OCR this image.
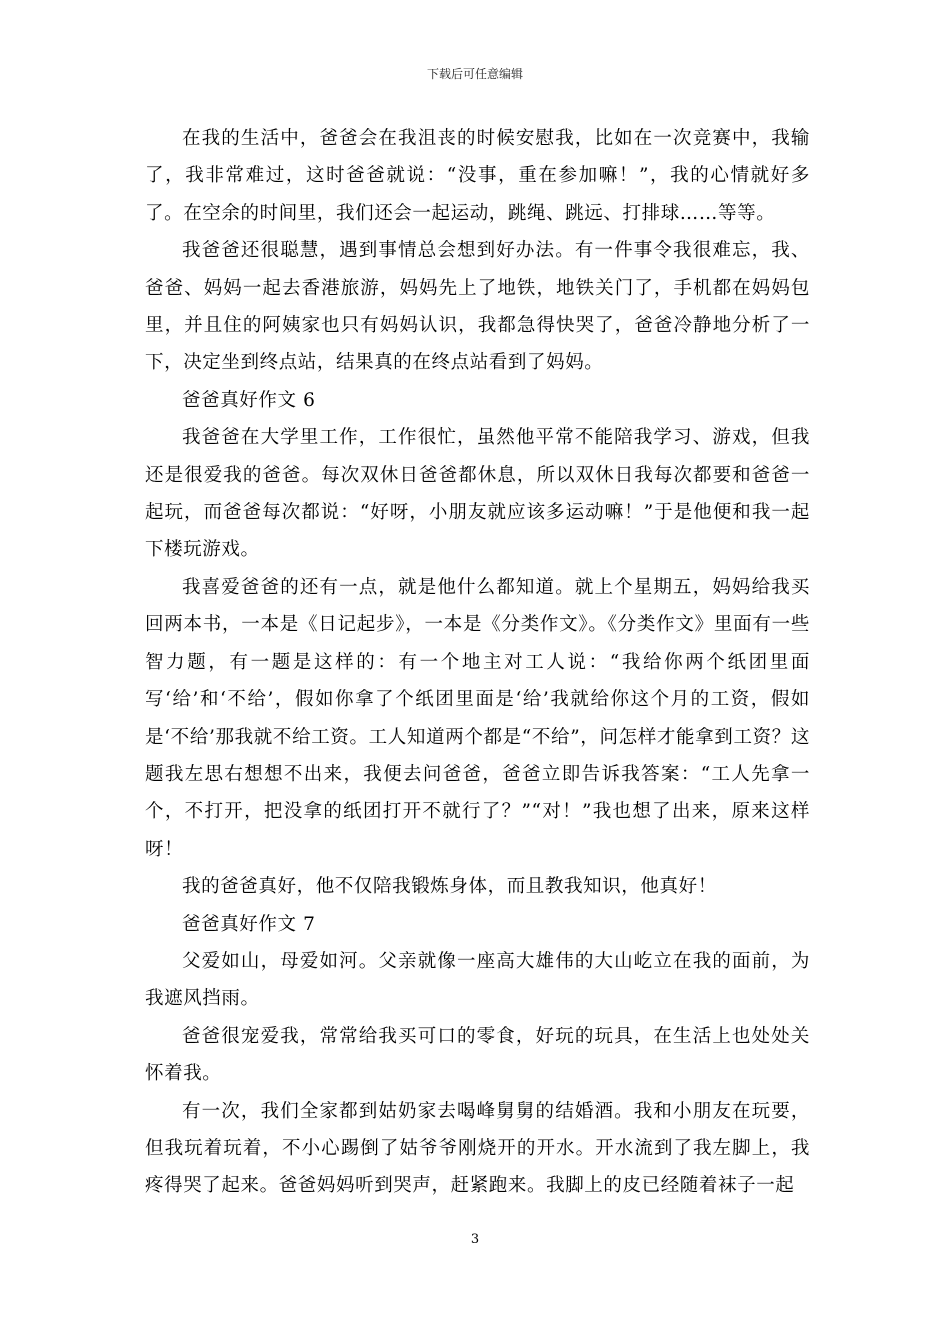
下载后可任意编辑

在我的生活中，爸爸会在我沮丧的时候安慰我，比如在一次竞赛中，我输了，我非常难过，这时爸爸就说：“没事，重在参加嘛！”，我的心情就好多了。在空余的时间里，我们还会一起运动，跳绳、跳远、打排球……等等。

我爸爸还很聪慧，遇到事情总会想到好办法。有一件事令我很难忘，我、爸爸、妈妈一起去香港旅游，妈妈先上了地铁，地铁关门了，手机都在妈妈包里，并且住的阿姨家也只有妈妈认识，我都急得快哭了，爸爸冷静地分析了一下，决定坐到终点站，结果真的在终点站看到了妈妈。

爸爸真好作文 6

我爸爸在大学里工作，工作很忙，虽然他平常不能陪我学习、游戏，但我还是很爱我的爸爸。每次双休日爸爸都休息，所以双休日我每次都要和爸爸一起玩，而爸爸每次都说：“好呀，小朋友就应该多运动嘛！”于是他便和我一起下楼玩游戏。

我喜爱爸爸的还有一点，就是他什么都知道。就上个星期五，妈妈给我买回两本书，一本是《日记起步》，一本是《分类作文》。《分类作文》里面有一些智力题，有一题是这样的：有一个地主对工人说：“我给你两个纸团里面写‘给’和‘不给’，假如你拿了个纸团里面是‘给’我就给你这个月的工资，假如是‘不给’那我就不给工资。工人知道两个都是“不给”，问怎样才能拿到工资？这题我左思右想想不出来，我便去问爸爸，爸爸立即告诉我答案：“工人先拿一个，不打开，把没拿的纸团打开不就行了？”“对！”我也想了出来，原来这样呀！

我的爸爸真好，他不仅陪我锻炼身体，而且教我知识，他真好！

爸爸真好作文 7

父爱如山，母爱如河。父亲就像一座高大雄伟的大山屹立在我的面前，为我遮风挡雨。

爸爸很宠爱我，常常给我买可口的零食，好玩的玩具，在生活上也处处关怀着我。

有一次，我们全家都到姑奶家去喝峰舅舅的结婚酒。我和小朋友在玩要，但我玩着玩着，不小心踢倒了姑爷爷刚烧开的开水。开水流到了我左脚上，我疼得哭了起来。爸爸妈妈听到哭声，赶紧跑来。我脚上的皮已经随着袜子一起

3
